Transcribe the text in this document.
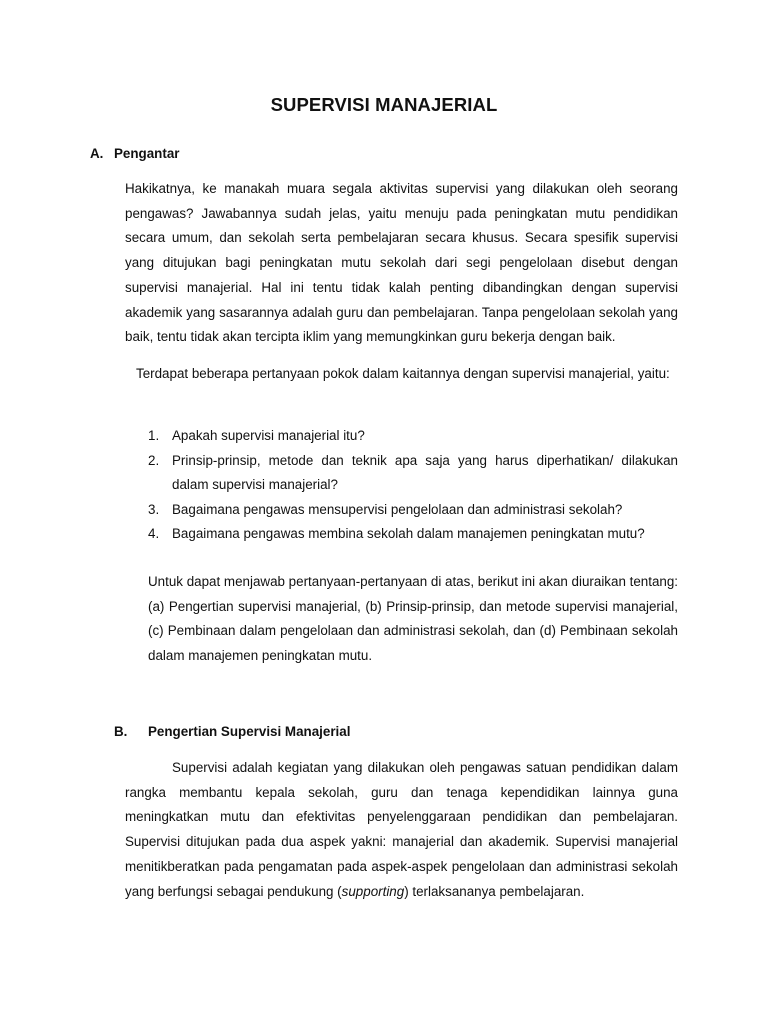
SUPERVISI MANAJERIAL
A. Pengantar
Hakikatnya, ke manakah muara segala aktivitas supervisi yang dilakukan oleh seorang pengawas? Jawabannya sudah jelas, yaitu menuju pada peningkatan mutu pendidikan secara umum, dan sekolah serta pembelajaran secara khusus. Secara spesifik supervisi yang ditujukan bagi peningkatan mutu sekolah dari segi pengelolaan disebut dengan supervisi manajerial. Hal ini tentu tidak kalah penting dibandingkan dengan supervisi akademik yang sasarannya adalah guru dan pembelajaran. Tanpa pengelolaan sekolah yang baik, tentu tidak akan tercipta iklim yang memungkinkan guru bekerja dengan baik.
Terdapat beberapa pertanyaan pokok dalam kaitannya dengan supervisi manajerial, yaitu:
1. Apakah supervisi manajerial itu?
2. Prinsip-prinsip, metode dan teknik apa saja yang harus diperhatikan/ dilakukan dalam supervisi manajerial?
3. Bagaimana pengawas mensupervisi pengelolaan dan administrasi sekolah?
4. Bagaimana pengawas membina sekolah dalam manajemen peningkatan mutu?
Untuk dapat menjawab pertanyaan-pertanyaan di atas, berikut ini akan diuraikan tentang: (a) Pengertian supervisi manajerial, (b) Prinsip-prinsip, dan metode supervisi manajerial, (c) Pembinaan dalam pengelolaan dan administrasi sekolah, dan (d) Pembinaan sekolah dalam manajemen peningkatan mutu.
B. Pengertian Supervisi Manajerial
Supervisi adalah kegiatan yang dilakukan oleh pengawas satuan pendidikan dalam rangka membantu kepala sekolah, guru dan tenaga kependidikan lainnya guna meningkatkan mutu dan efektivitas penyelenggaraan pendidikan dan pembelajaran. Supervisi ditujukan pada dua aspek yakni: manajerial dan akademik. Supervisi manajerial menitikberatkan pada pengamatan pada aspek-aspek pengelolaan dan administrasi sekolah yang berfungsi sebagai pendukung (supporting) terlaksananya pembelajaran.
